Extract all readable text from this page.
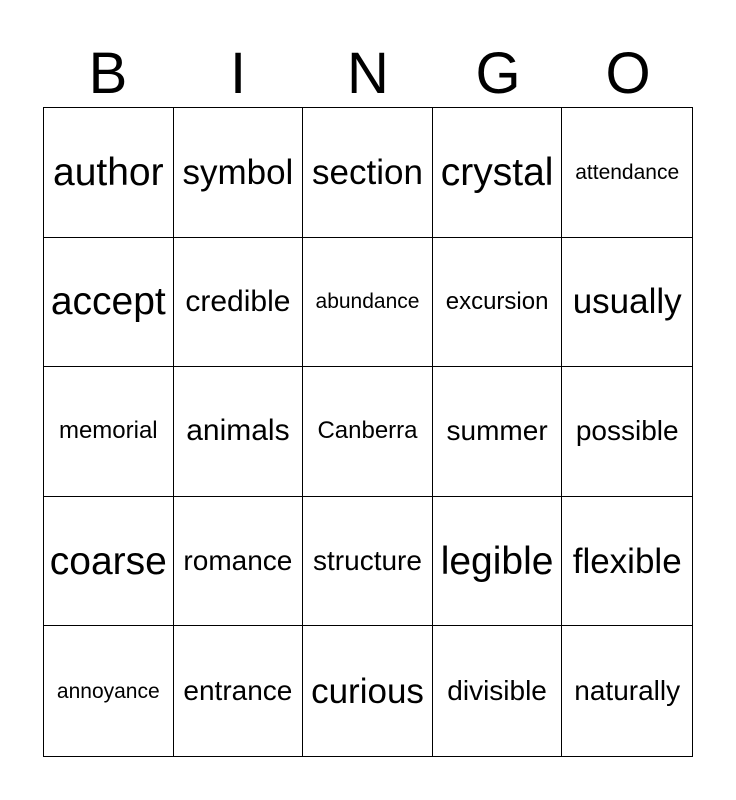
B	I	N	G	O
author symbol section crystal attendance
accept credible abundance excursion usually
memorial animals Canberra summer possible
coarse romance structure legible flexible
annoyance entrance curious divisible naturally
